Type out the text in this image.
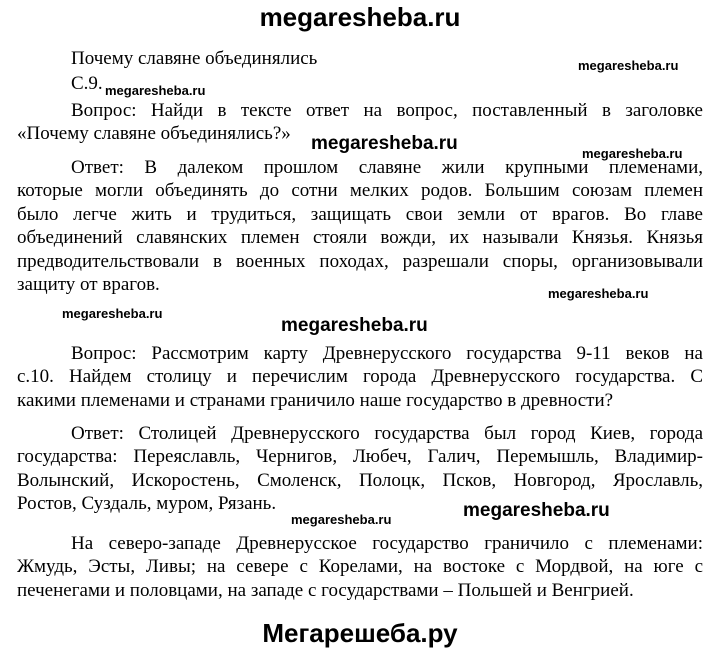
megaresheba.ru
megaresheba.ru
megaresheba.ru
megaresheba.ru	megaresheba.ru
megaresheba.ru
megaresheba.ru
megaresheba.ru
megaresheba.ru	megaresheba.ru
Мегарешеба.ру
Почему славяне объединялись
С.9.
Вопрос: Найди в тексте ответ на вопрос, поставленный в заголовке
«Почему славяне объединялись?»
Ответ: В далеком прошлом славяне жили крупными племенами,
которые могли объединять до сотни мелких родов. Большим союзам племен
было легче жить и трудиться, защищать свои земли от врагов. Во главе
объединений славянских племен стояли вожди, их называли Князья. Князья
предводительствовали в военных походах, разрешали споры, организовывали
защиту от врагов.
Вопрос: Рассмотрим карту Древнерусского государства 9-11 веков на
с.10. Найдем столицу и перечислим города Древнерусского государства. С
какими племенами и странами граничило наше государство в древности?
Ответ: Столицей Древнерусского государства был город Киев, города
государства: Переяславль, Чернигов, Любеч, Галич, Перемышль, Владимир-
Волынский, Искоростень, Смоленск, Полоцк, Псков, Новгород, Ярославль,
Ростов, Суздаль, муром, Рязань.
На северо-западе Древнерусское государство граничило с племенами:
Жмудь, Эсты, Ливы; на севере с Корелами, на востоке с Мордвой, на юге с
печенегами и половцами, на западе с государствами – Польшей и Венгрией.
